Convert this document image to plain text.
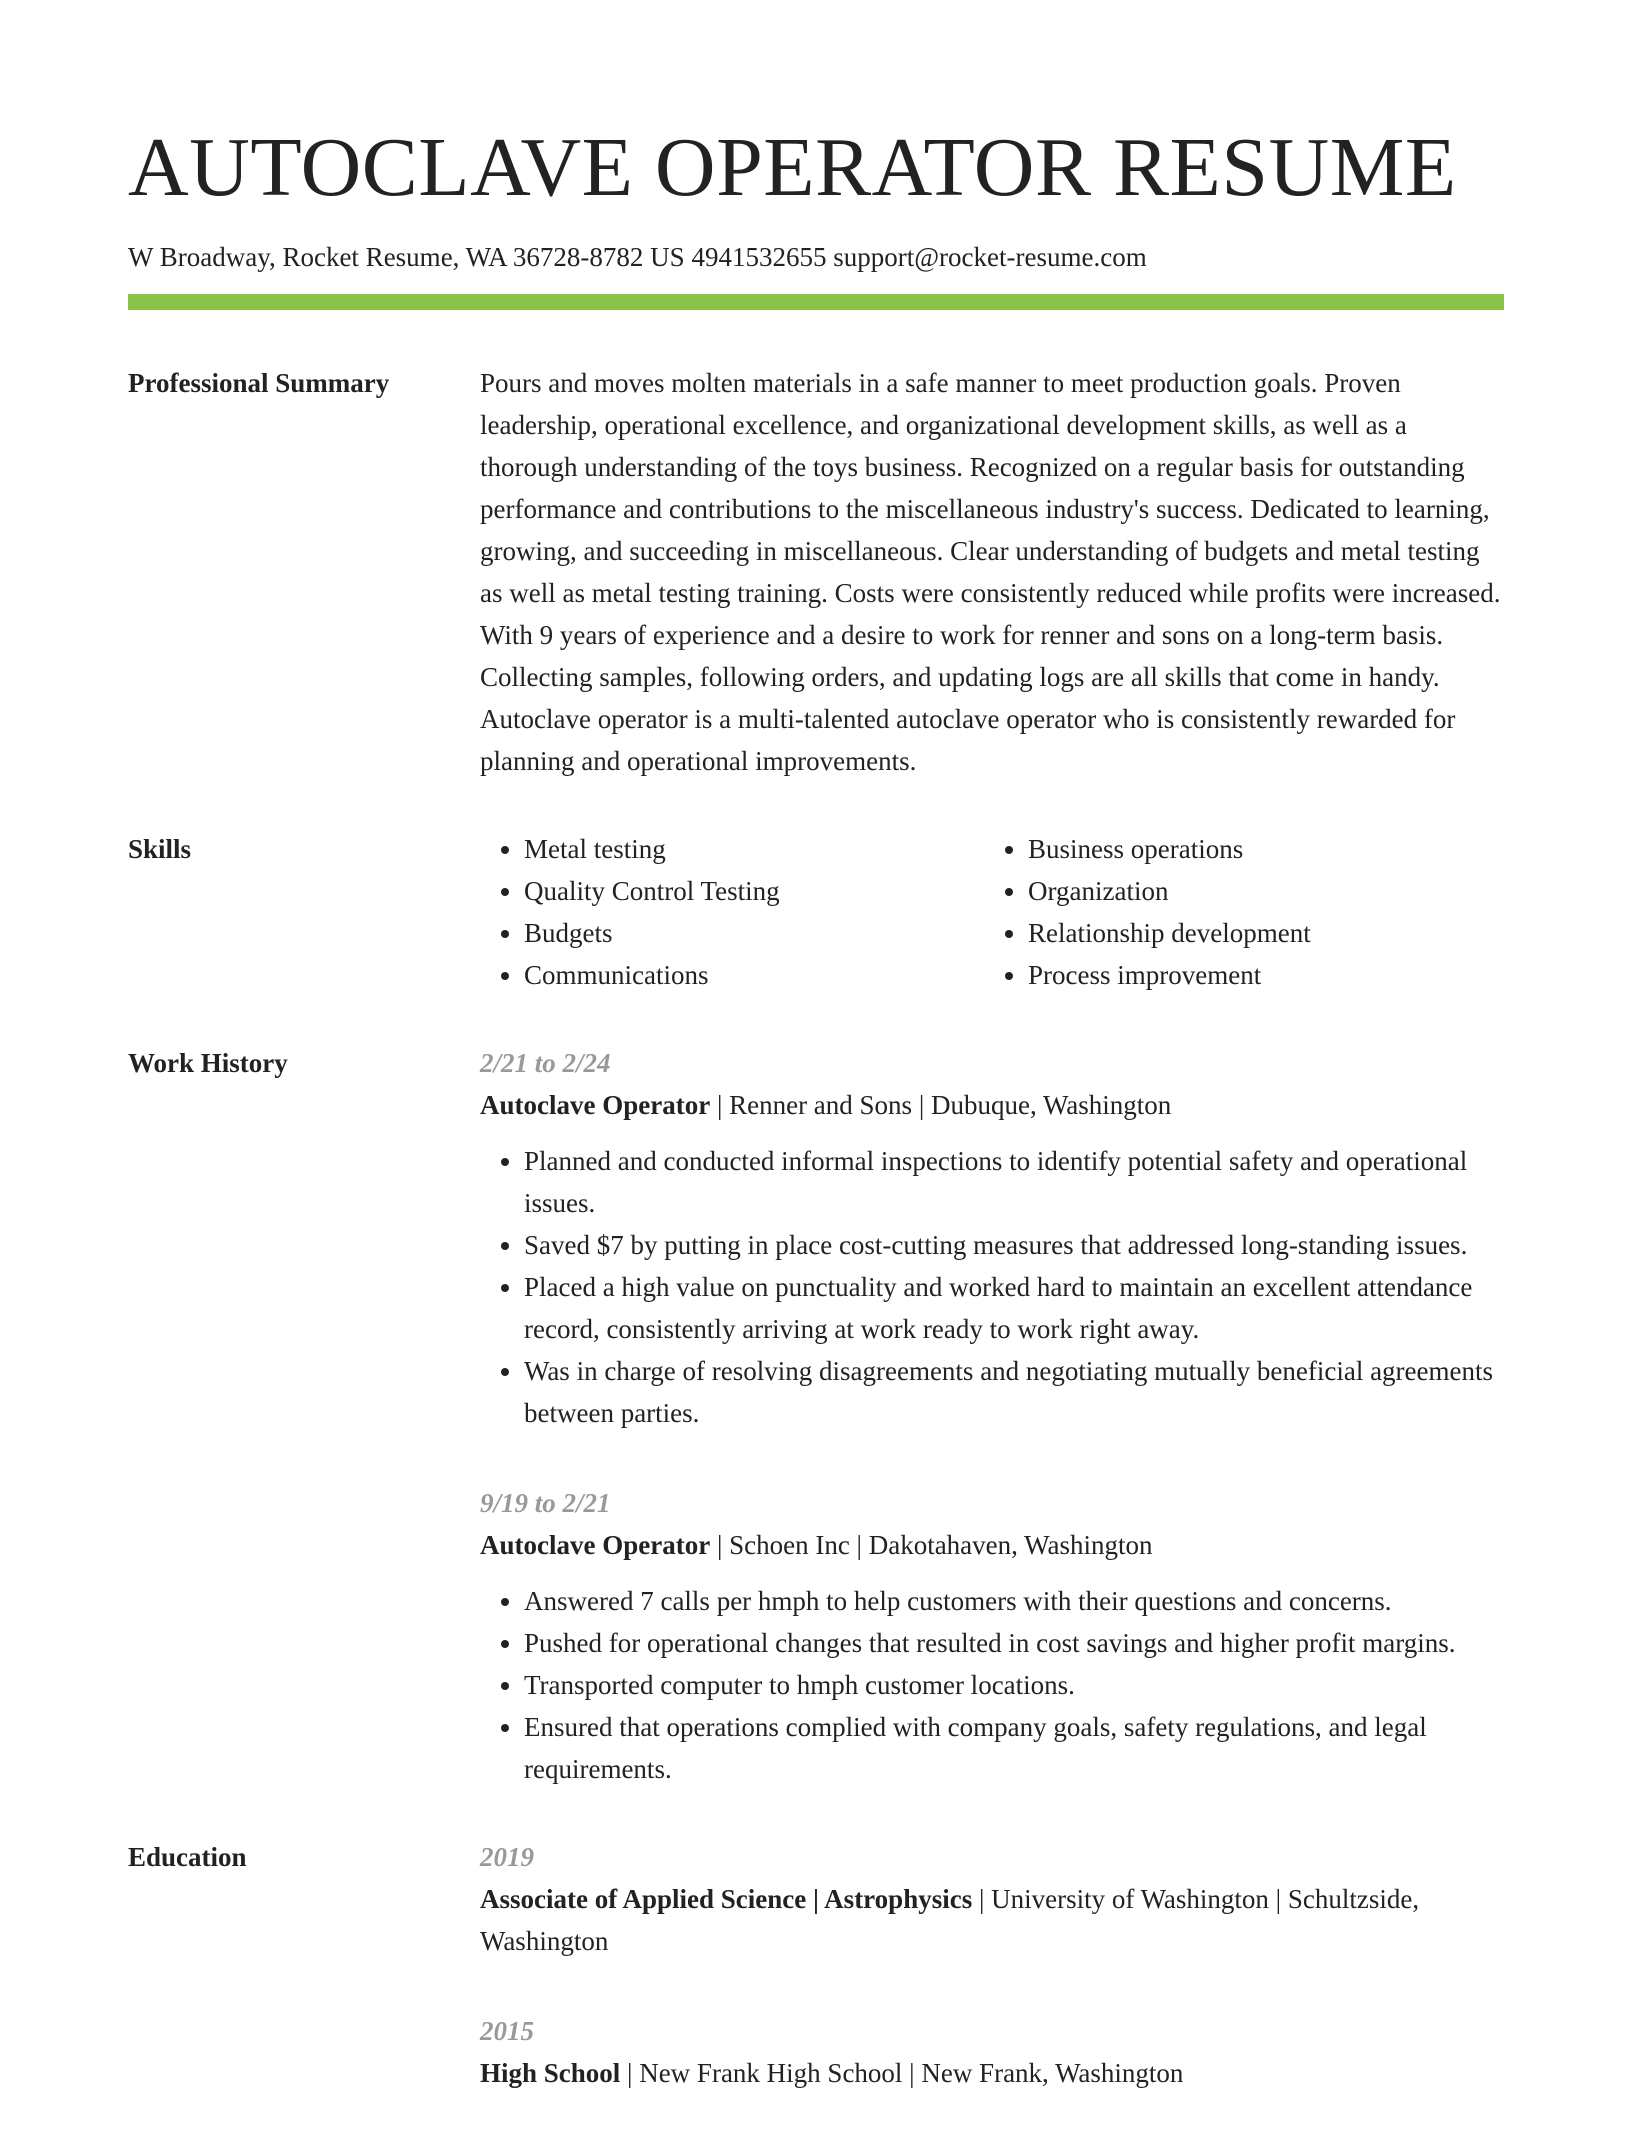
AUTOCLAVE OPERATOR RESUME
W Broadway, Rocket Resume, WA 36728-8782 US 4941532655 support@rocket-resume.com
Professional Summary	Pours and moves molten materials in a safe manner to meet production goals. Proven leadership, operational excellence, and organizational development skills, as well as a thorough understanding of the toys business. Recognized on a regular basis for outstanding performance and contributions to the miscellaneous industry's success. Dedicated to learning, growing, and succeeding in miscellaneous. Clear understanding of budgets and metal testing as well as metal testing training. Costs were consistently reduced while profits were increased. With 9 years of experience and a desire to work for renner and sons on a long-term basis. Collecting samples, following orders, and updating logs are all skills that come in handy. Autoclave operator is a multi-talented autoclave operator who is consistently rewarded for planning and operational improvements.

Skills
•	Metal testing
• Quality Control Testing
• Budgets
• Communications
• Business operations
• Organization
• Relationship development
• Process improvement
Work History	2/21 to 2/24
Autoclave Operator | Renner and Sons | Dubuque, Washington
• Planned and conducted informal inspections to identify potential safety and operational issues.
• Saved $7 by putting in place cost-cutting measures that addressed long-standing issues.
• Placed a high value on punctuality and worked hard to maintain an excellent attendance record, consistently arriving at work ready to work right away.
• Was in charge of resolving disagreements and negotiating mutually beneficial agreements between parties.
9/19 to 2/21
Autoclave Operator | Schoen Inc | Dakotahaven, Washington
• Answered 7 calls per hmph to help customers with their questions and concerns.
• Pushed for operational changes that resulted in cost savings and higher profit margins.
• Transported computer to hmph customer locations.
• Ensured that operations complied with company goals, safety regulations, and legal requirements.
Education	2019
Associate of Applied Science | Astrophysics | University of Washington | Schultzside, Washington
2015
High School | New Frank High School | New Frank, Washington
